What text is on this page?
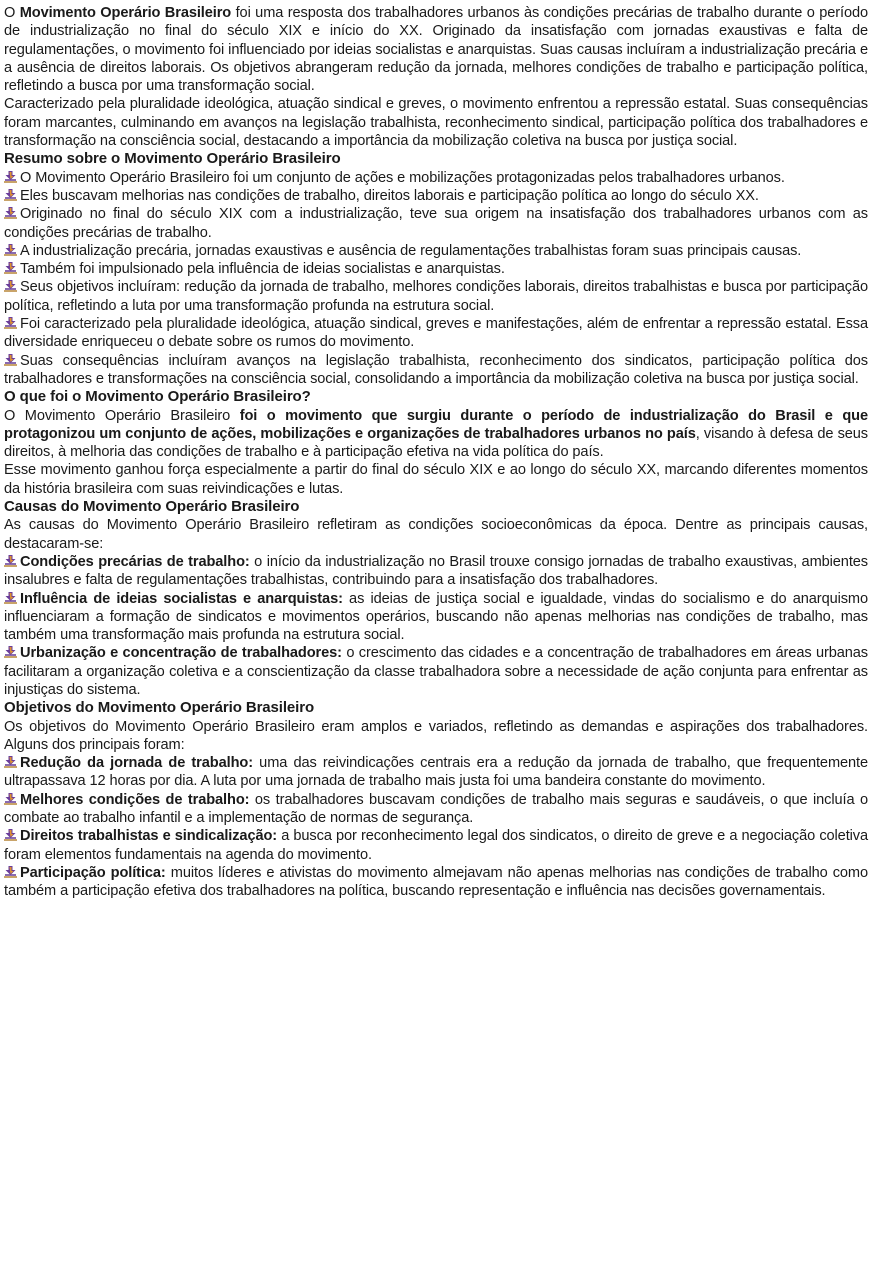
O Movimento Operário Brasileiro foi uma resposta dos trabalhadores urbanos às condições precárias de trabalho durante o período de industrialização no final do século XIX e início do XX. Originado da insatisfação com jornadas exaustivas e falta de regulamentações, o movimento foi influenciado por ideias socialistas e anarquistas. Suas causas incluíram a industrialização precária e a ausência de direitos laborais. Os objetivos abrangeram redução da jornada, melhores condições de trabalho e participação política, refletindo a busca por uma transformação social.

Caracterizado pela pluralidade ideológica, atuação sindical e greves, o movimento enfrentou a repressão estatal. Suas consequências foram marcantes, culminando em avanços na legislação trabalhista, reconhecimento sindical, participação política dos trabalhadores e transformação na consciência social, destacando a importância da mobilização coletiva na busca por justiça social.

Resumo sobre o Movimento Operário Brasileiro

O Movimento Operário Brasileiro foi um conjunto de ações e mobilizações protagonizadas pelos trabalhadores urbanos.

Eles buscavam melhorias nas condições de trabalho, direitos laborais e participação política ao longo do século XX.

Originado no final do século XIX com a industrialização, teve sua origem na insatisfação dos trabalhadores urbanos com as condições precárias de trabalho.

A industrialização precária, jornadas exaustivas e ausência de regulamentações trabalhistas foram suas principais causas.

Também foi impulsionado pela influência de ideias socialistas e anarquistas.

Seus objetivos incluíram: redução da jornada de trabalho, melhores condições laborais, direitos trabalhistas e busca por participação política, refletindo a luta por uma transformação profunda na estrutura social.

Foi caracterizado pela pluralidade ideológica, atuação sindical, greves e manifestações, além de enfrentar a repressão estatal. Essa diversidade enriqueceu o debate sobre os rumos do movimento.

Suas consequências incluíram avanços na legislação trabalhista, reconhecimento dos sindicatos, participação política dos trabalhadores e transformações na consciência social, consolidando a importância da mobilização coletiva na busca por justiça social.

O que foi o Movimento Operário Brasileiro?

O Movimento Operário Brasileiro foi o movimento que surgiu durante o período de industrialização do Brasil e que protagonizou um conjunto de ações, mobilizações e organizações de trabalhadores urbanos no país, visando à defesa de seus direitos, à melhoria das condições de trabalho e à participação efetiva na vida política do país.

Esse movimento ganhou força especialmente a partir do final do século XIX e ao longo do século XX, marcando diferentes momentos da história brasileira com suas reivindicações e lutas.

Causas do Movimento Operário Brasileiro

As causas do Movimento Operário Brasileiro refletiram as condições socioeconômicas da época. Dentre as principais causas, destacaram-se:

Condições precárias de trabalho: o início da industrialização no Brasil trouxe consigo jornadas de trabalho exaustivas, ambientes insalubres e falta de regulamentações trabalhistas, contribuindo para a insatisfação dos trabalhadores.

Influência de ideias socialistas e anarquistas: as ideias de justiça social e igualdade, vindas do socialismo e do anarquismo influenciaram a formação de sindicatos e movimentos operários, buscando não apenas melhorias nas condições de trabalho, mas também uma transformação mais profunda na estrutura social.

Urbanização e concentração de trabalhadores: o crescimento das cidades e a concentração de trabalhadores em áreas urbanas facilitaram a organização coletiva e a conscientização da classe trabalhadora sobre a necessidade de ação conjunta para enfrentar as injustiças do sistema.

Objetivos do Movimento Operário Brasileiro

Os objetivos do Movimento Operário Brasileiro eram amplos e variados, refletindo as demandas e aspirações dos trabalhadores. Alguns dos principais foram:

Redução da jornada de trabalho: uma das reivindicações centrais era a redução da jornada de trabalho, que frequentemente ultrapassava 12 horas por dia. A luta por uma jornada de trabalho mais justa foi uma bandeira constante do movimento.

Melhores condições de trabalho: os trabalhadores buscavam condições de trabalho mais seguras e saudáveis, o que incluía o combate ao trabalho infantil e a implementação de normas de segurança.

Direitos trabalhistas e sindicalização: a busca por reconhecimento legal dos sindicatos, o direito de greve e a negociação coletiva foram elementos fundamentais na agenda do movimento.

Participação política: muitos líderes e ativistas do movimento almejavam não apenas melhorias nas condições de trabalho como também a participação efetiva dos trabalhadores na política, buscando representação e influência nas decisões governamentais.
